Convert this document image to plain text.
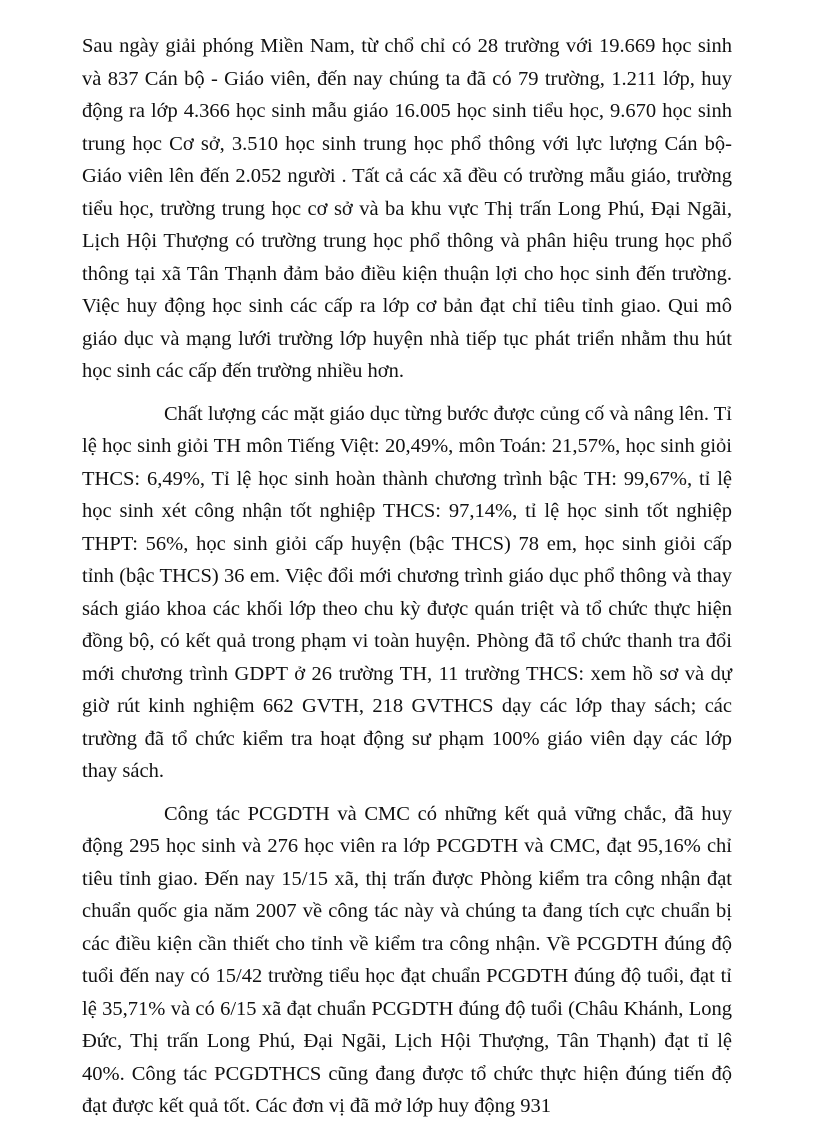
Sau ngày giải phóng Miền Nam, từ chổ chỉ có 28 trường với 19.669 học sinh và 837 Cán bộ - Giáo viên, đến nay chúng ta đã có 79 trường, 1.211 lớp, huy động ra lớp 4.366 học sinh mẫu giáo 16.005 học sinh tiểu học, 9.670 học sinh trung học Cơ sở, 3.510 học sinh trung học phổ thông với lực lượng Cán bộ-Giáo viên lên đến 2.052 người . Tất cả các xã đều có trường mẫu giáo, trường tiểu học, trường trung học cơ sở và ba khu vực Thị trấn Long Phú, Đại Ngãi, Lịch Hội Thượng có trường trung học phổ thông và phân hiệu trung học phổ thông tại xã Tân Thạnh đảm bảo điều kiện thuận lợi cho học sinh đến trường. Việc huy động học sinh các cấp ra lớp cơ bản đạt chỉ tiêu tỉnh giao. Qui mô giáo dục và mạng lưới trường lớp huyện nhà tiếp tục phát triển nhằm thu hút học sinh các cấp đến trường nhiều hơn.

Chất lượng các mặt giáo dục từng bước được củng cố và nâng lên. Tỉ lệ học sinh giỏi TH môn Tiếng Việt: 20,49%, môn Toán: 21,57%, học sinh giỏi THCS: 6,49%, Tỉ lệ học sinh hoàn thành chương trình bậc TH: 99,67%, tỉ lệ học sinh xét công nhận tốt nghiệp THCS: 97,14%, tỉ lệ học sinh tốt nghiệp THPT: 56%, học sinh giỏi cấp huyện (bậc THCS) 78 em, học sinh giỏi cấp tỉnh (bậc THCS) 36 em. Việc đổi mới chương trình giáo dục phổ thông và thay sách giáo khoa các khối lớp theo chu kỳ được quán triệt và tổ chức thực hiện đồng bộ, có kết quả trong phạm vi toàn huyện. Phòng đã tổ chức thanh tra đổi mới chương trình GDPT ở 26 trường TH, 11 trường THCS: xem hồ sơ và dự giờ rút kinh nghiệm 662 GVTH, 218 GVTHCS dạy các lớp thay sách; các trường đã tổ chức kiểm tra hoạt động sư phạm 100% giáo viên dạy các lớp thay sách.

Công tác PCGDTH và CMC có những kết quả vững chắc, đã huy động 295 học sinh và 276 học viên ra lớp PCGDTH và CMC, đạt 95,16% chỉ tiêu tỉnh giao. Đến nay 15/15 xã, thị trấn được Phòng kiểm tra công nhận đạt chuẩn quốc gia năm 2007 về công tác này và chúng ta đang tích cực chuẩn bị các điều kiện cần thiết cho tỉnh về kiểm tra công nhận. Về PCGDTH đúng độ tuổi đến nay có 15/42 trường tiểu học đạt chuẩn PCGDTH đúng độ tuổi, đạt tỉ lệ 35,71% và có 6/15 xã đạt chuẩn PCGDTH đúng độ tuổi (Châu Khánh, Long Đức, Thị trấn Long Phú, Đại Ngãi, Lịch Hội Thượng, Tân Thạnh) đạt tỉ lệ 40%. Công tác PCGDTHCS cũng đang được tổ chức thực hiện đúng tiến độ đạt được kết quả tốt. Các đơn vị đã mở lớp huy động 931
